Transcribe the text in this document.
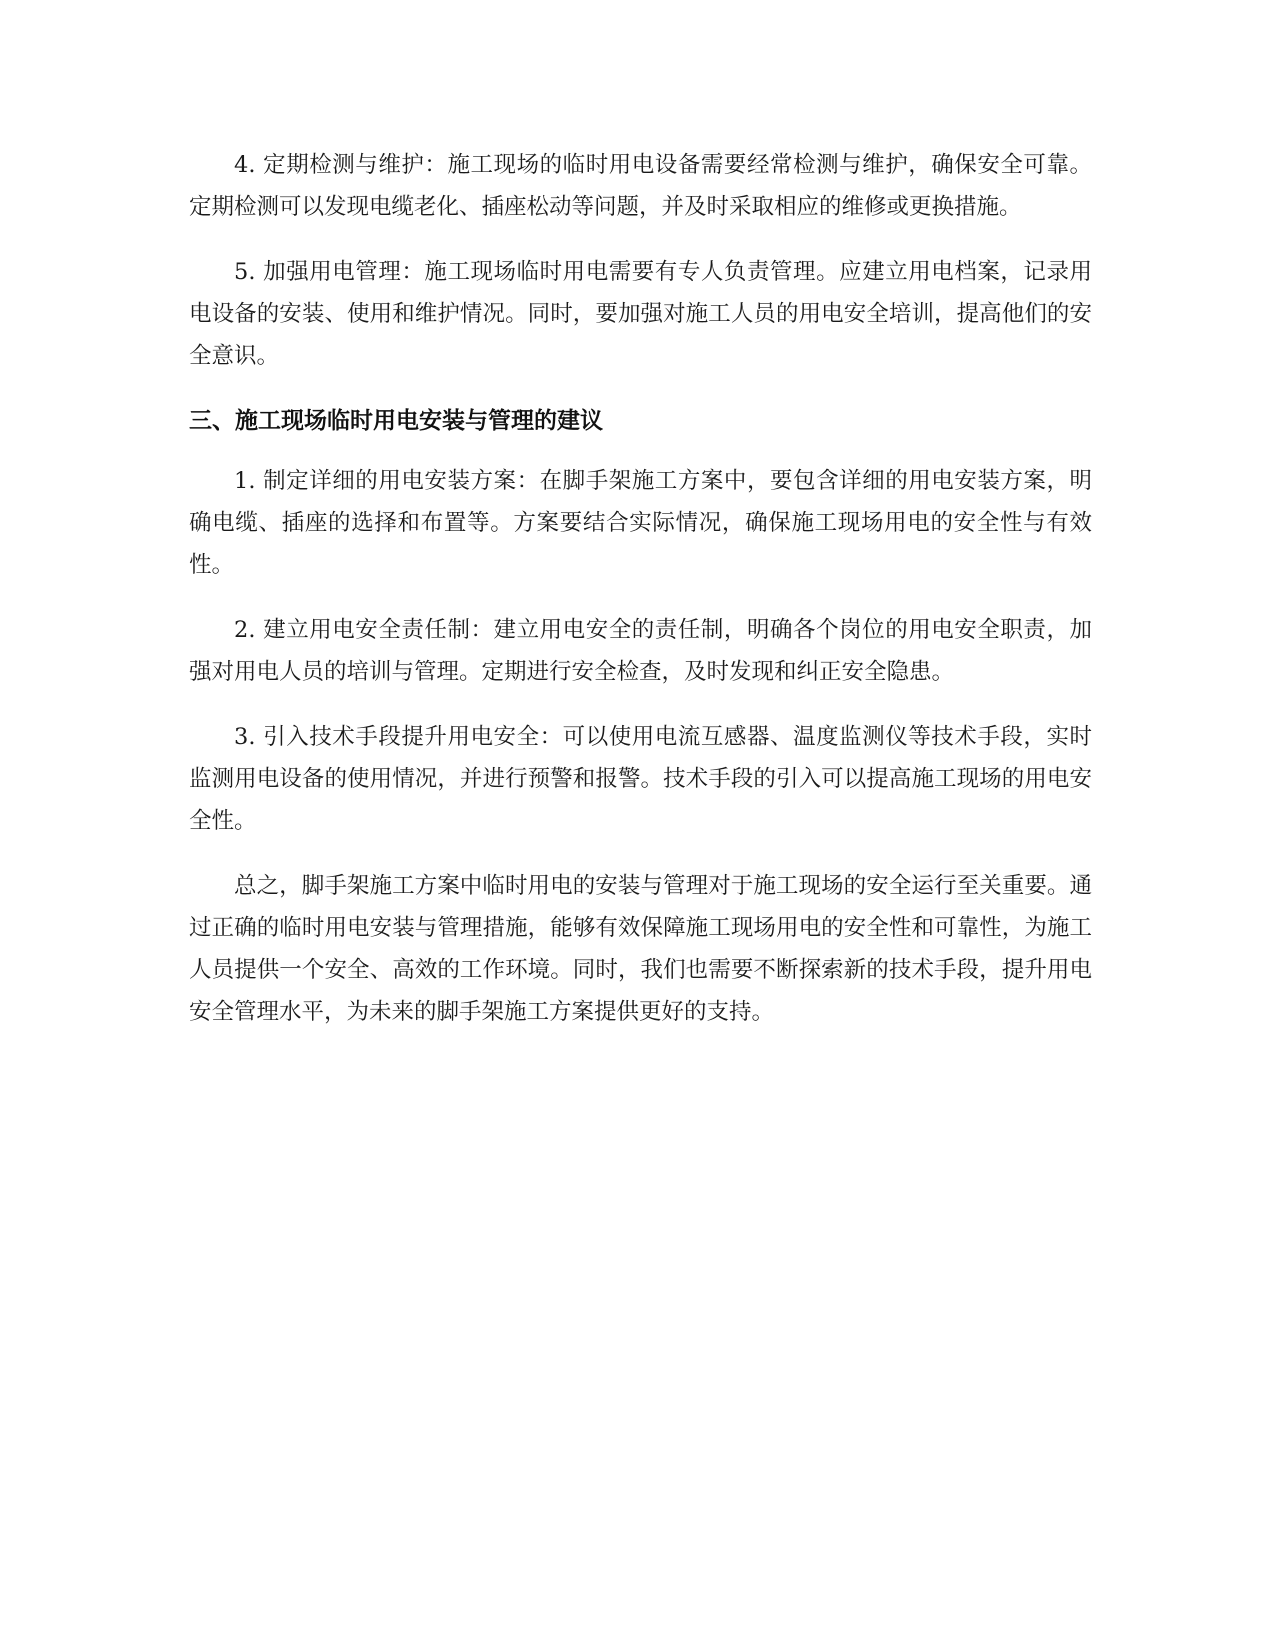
4. 定期检测与维护：施工现场的临时用电设备需要经常检测与维护，确保安全可靠。定期检测可以发现电缆老化、插座松动等问题，并及时采取相应的维修或更换措施。

5. 加强用电管理：施工现场临时用电需要有专人负责管理。应建立用电档案，记录用电设备的安装、使用和维护情况。同时，要加强对施工人员的用电安全培训，提高他们的安全意识。

三、施工现场临时用电安装与管理的建议

1. 制定详细的用电安装方案：在脚手架施工方案中，要包含详细的用电安装方案，明确电缆、插座的选择和布置等。方案要结合实际情况，确保施工现场用电的安全性与有效性。

2. 建立用电安全责任制：建立用电安全的责任制，明确各个岗位的用电安全职责，加强对用电人员的培训与管理。定期进行安全检查，及时发现和纠正安全隐患。

3. 引入技术手段提升用电安全：可以使用电流互感器、温度监测仪等技术手段，实时监测用电设备的使用情况，并进行预警和报警。技术手段的引入可以提高施工现场的用电安全性。

总之，脚手架施工方案中临时用电的安装与管理对于施工现场的安全运行至关重要。通过正确的临时用电安装与管理措施，能够有效保障施工现场用电的安全性和可靠性，为施工人员提供一个安全、高效的工作环境。同时，我们也需要不断探索新的技术手段，提升用电安全管理水平，为未来的脚手架施工方案提供更好的支持。
